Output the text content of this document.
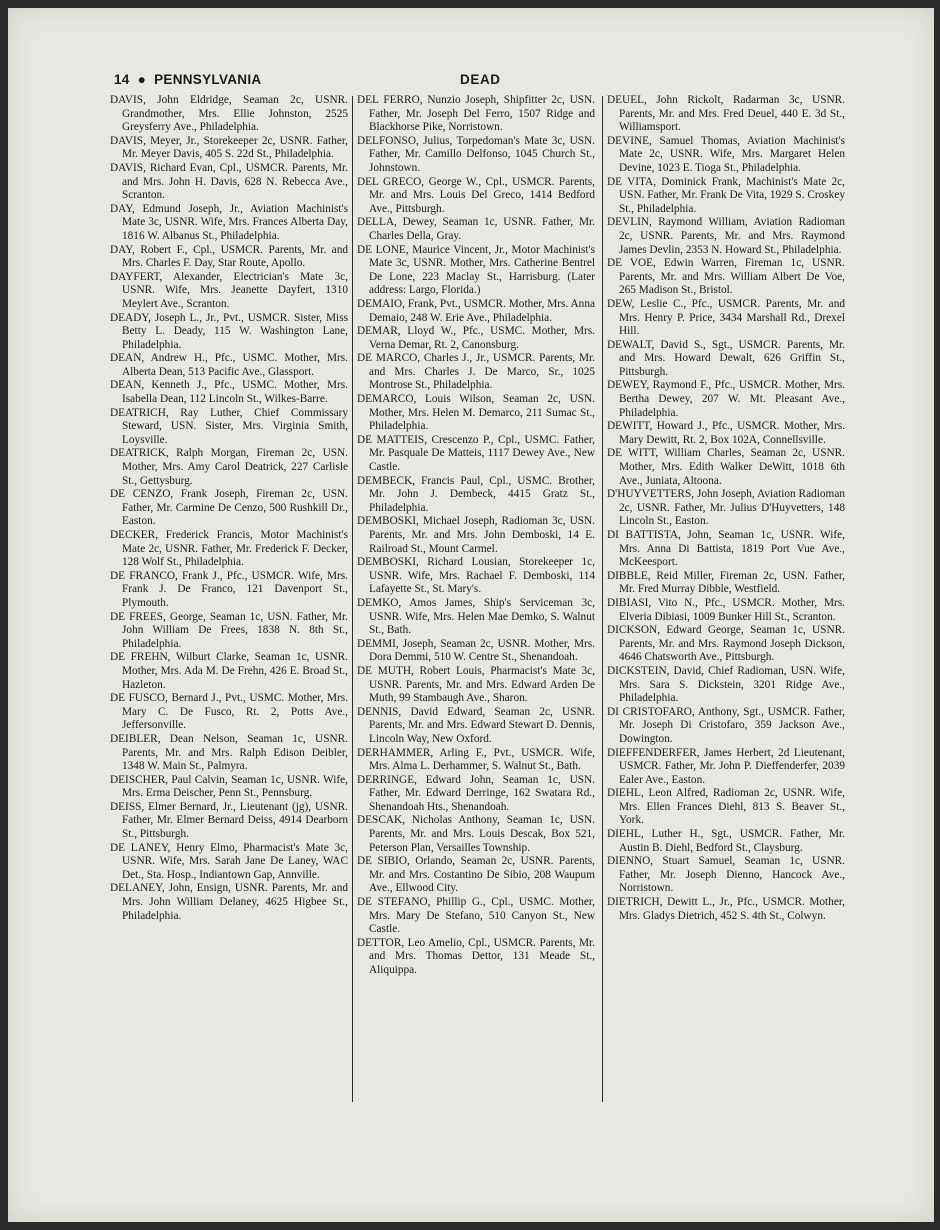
14 ● PENNSYLVANIA	DEAD

DAVIS, John Eldridge, Seaman 2c, USNR. Grandmother, Mrs. Ellie Johnston, 2525 Greysferry Ave., Philadelphia.

DAVIS, Meyer, Jr., Storekeeper 2c, USNR. Father, Mr. Meyer Davis, 405 S. 22d St., Philadelphia.

DAVIS, Richard Evan, Cpl., USMCR. Parents, Mr. and Mrs. John H. Davis, 628 N. Rebecca Ave., Scranton.

DAY, Edmund Joseph, Jr., Aviation Machinist's Mate 3c, USNR. Wife, Mrs. Frances Alberta Day, 1816 W. Albanus St., Philadelphia.

DAY, Robert F., Cpl., USMCR. Parents, Mr. and Mrs. Charles F. Day, Star Route, Apollo.

DAYFERT, Alexander, Electrician's Mate 3c, USNR. Wife, Mrs. Jeanette Dayfert, 1310 Meylert Ave., Scranton.

DEADY, Joseph L., Jr., Pvt., USMCR. Sister, Miss Betty L. Deady, 115 W. Washington Lane, Philadelphia.

DEAN, Andrew H., Pfc., USMC. Mother, Mrs. Alberta Dean, 513 Pacific Ave., Glassport.

DEAN, Kenneth J., Pfc., USMC. Mother, Mrs. Isabella Dean, 112 Lincoln St., Wilkes-Barre.

DEATRICH, Ray Luther, Chief Commissary Steward, USN. Sister, Mrs. Virginia Smith, Loysville.

DEATRICK, Ralph Morgan, Fireman 2c, USN. Mother, Mrs. Amy Carol Deatrick, 227 Carlisle St., Gettysburg.

DE CENZO, Frank Joseph, Fireman 2c, USN. Father, Mr. Carmine De Cenzo, 500 Rushkill Dr., Easton.

DECKER, Frederick Francis, Motor Machinist's Mate 2c, USNR. Father, Mr. Frederick F. Decker, 128 Wolf St., Philadelphia.

DE FRANCO, Frank J., Pfc., USMCR. Wife, Mrs. Frank J. De Franco, 121 Davenport St., Plymouth.

DE FREES, George, Seaman 1c, USN. Father, Mr. John William De Frees, 1838 N. 8th St., Philadelphia.

DE FREHN, Wilburt Clarke, Seaman 1c, USNR. Mother, Mrs. Ada M. De Frehn, 426 E. Broad St., Hazleton.

DE FUSCO, Bernard J., Pvt., USMC. Mother, Mrs. Mary C. De Fusco, Rt. 2, Potts Ave., Jeffersonville.

DEIBLER, Dean Nelson, Seaman 1c, USNR. Parents, Mr. and Mrs. Ralph Edison Deibler, 1348 W. Main St., Palmyra.

DEISCHER, Paul Calvin, Seaman 1c, USNR. Wife, Mrs. Erma Deischer, Penn St., Pennsburg.

DEISS, Elmer Bernard, Jr., Lieutenant (jg), USNR. Father, Mr. Elmer Bernard Deiss, 4914 Dearborn St., Pittsburgh.

DE LANEY, Henry Elmo, Pharmacist's Mate 3c, USNR. Wife, Mrs. Sarah Jane De Laney, WAC Det., Sta. Hosp., Indiantown Gap, Annville.

DELANEY, John, Ensign, USNR. Parents, Mr. and Mrs. John William Delaney, 4625 Higbee St., Philadelphia.

DEL FERRO, Nunzio Joseph, Shipfitter 2c, USN. Father, Mr. Joseph Del Ferro, 1507 Ridge and Blackhorse Pike, Norristown.

DELFONSO, Julius, Torpedoman's Mate 3c, USN. Father, Mr. Camillo Delfonso, 1045 Church St., Johnstown.

DEL GRECO, George W., Cpl., USMCR. Parents, Mr. and Mrs. Louis Del Greco, 1414 Bedford Ave., Pittsburgh.

DELLA, Dewey, Seaman 1c, USNR. Father, Mr. Charles Della, Gray.

DE LONE, Maurice Vincent, Jr., Motor Machinist's Mate 3c, USNR. Mother, Mrs. Catherine Bentrel De Lone, 223 Maclay St., Harrisburg. (Later address: Largo, Florida.)

DEMAIO, Frank, Pvt., USMCR. Mother, Mrs. Anna Demaio, 248 W. Erie Ave., Philadelphia.

DEMAR, Lloyd W., Pfc., USMC. Mother, Mrs. Verna Demar, Rt. 2, Canonsburg.

DE MARCO, Charles J., Jr., USMCR. Parents, Mr. and Mrs. Charles J. De Marco, Sr., 1025 Montrose St., Philadelphia.

DEMARCO, Louis Wilson, Seaman 2c, USN. Mother, Mrs. Helen M. Demarco, 211 Sumac St., Philadelphia.

DE MATTEIS, Crescenzo P., Cpl., USMC. Father, Mr. Pasquale De Matteis, 1117 Dewey Ave., New Castle.

DEMBECK, Francis Paul, Cpl., USMC. Brother, Mr. John J. Dembeck, 4415 Gratz St., Philadelphia.

DEMBOSKI, Michael Joseph, Radioman 3c, USN. Parents, Mr. and Mrs. John Demboski, 14 E. Railroad St., Mount Carmel.

DEMBOSKI, Richard Lousian, Storekeeper 1c, USNR. Wife, Mrs. Rachael F. Demboski, 114 Lafayette St., St. Mary's.

DEMKO, Amos James, Ship's Serviceman 3c, USNR. Wife, Mrs. Helen Mae Demko, S. Walnut St., Bath.

DEMMI, Joseph, Seaman 2c, USNR. Mother, Mrs. Dora Demmi, 510 W. Centre St., Shenandoah.

DE MUTH, Robert Louis, Pharmacist's Mate 3c, USNR. Parents, Mr. and Mrs. Edward Arden De Muth, 99 Stambaugh Ave., Sharon.

DENNIS, David Edward, Seaman 2c, USNR. Parents, Mr. and Mrs. Edward Stewart D. Dennis, Lincoln Way, New Oxford.

DERHAMMER, Arling F., Pvt., USMCR. Wife, Mrs. Alma L. Derhammer, S. Walnut St., Bath.

DERRINGE, Edward John, Seaman 1c, USN. Father, Mr. Edward Derringe, 162 Swatara Rd., Shenandoah Hts., Shenandoah.

DESCAK, Nicholas Anthony, Seaman 1c, USN. Parents, Mr. and Mrs. Louis Descak, Box 521, Peterson Plan, Versailles Township.

DE SIBIO, Orlando, Seaman 2c, USNR. Parents, Mr. and Mrs. Costantino De Sibio, 208 Waupum Ave., Ellwood City.

DE STEFANO, Phillip G., Cpl., USMC. Mother, Mrs. Mary De Stefano, 510 Canyon St., New Castle.

DETTOR, Leo Amelio, Cpl., USMCR. Parents, Mr. and Mrs. Thomas Dettor, 131 Meade St., Aliquippa.

DEUEL, John Rickolt, Radarman 3c, USNR. Parents, Mr. and Mrs. Fred Deuel, 440 E. 3d St., Williamsport.

DEVINE, Samuel Thomas, Aviation Machinist's Mate 2c, USNR. Wife, Mrs. Margaret Helen Devine, 1023 E. Tioga St., Philadelphia.

DE VITA, Dominick Frank, Machinist's Mate 2c, USN. Father, Mr. Frank De Vita, 1929 S. Croskey St., Philadelphia.

DEVLIN, Raymond William, Aviation Radioman 2c, USNR. Parents, Mr. and Mrs. Raymond James Devlin, 2353 N. Howard St., Philadelphia.

DE VOE, Edwin Warren, Fireman 1c, USNR. Parents, Mr. and Mrs. William Albert De Voe, 265 Madison St., Bristol.

DEW, Leslie C., Pfc., USMCR. Parents, Mr. and Mrs. Henry P. Price, 3434 Marshall Rd., Drexel Hill.

DEWALT, David S., Sgt., USMCR. Parents, Mr. and Mrs. Howard Dewalt, 626 Griffin St., Pittsburgh.

DEWEY, Raymond F., Pfc., USMCR. Mother, Mrs. Bertha Dewey, 207 W. Mt. Pleasant Ave., Philadelphia.

DEWITT, Howard J., Pfc., USMCR. Mother, Mrs. Mary Dewitt, Rt. 2, Box 102A, Connellsville.

DE WITT, William Charles, Seaman 2c, USNR. Mother, Mrs. Edith Walker DeWitt, 1018 6th Ave., Juniata, Altoona.

D'HUYVETTERS, John Joseph, Aviation Radioman 2c, USNR. Father, Mr. Julius D'Huyvetters, 148 Lincoln St., Easton.

DI BATTISTA, John, Seaman 1c, USNR. Wife, Mrs. Anna Di Battista, 1819 Port Vue Ave., McKeesport.

DIBBLE, Reid Miller, Fireman 2c, USN. Father, Mr. Fred Murray Dibble, Westfield.

DIBIASI, Vito N., Pfc., USMCR. Mother, Mrs. Elveria Dibiasi, 1009 Bunker Hill St., Scranton.

DICKSON, Edward George, Seaman 1c, USNR. Parents, Mr. and Mrs. Raymond Joseph Dickson, 4646 Chatsworth Ave., Pittsburgh.

DICKSTEIN, David, Chief Radioman, USN. Wife, Mrs. Sara S. Dickstein, 3201 Ridge Ave., Philadelphia.

DI CRISTOFARO, Anthony, Sgt., USMCR. Father, Mr. Joseph Di Cristofaro, 359 Jackson Ave., Dowington.

DIEFFENDERFER, James Herbert, 2d Lieutenant, USMCR. Father, Mr. John P. Dieffenderfer, 2039 Ealer Ave., Easton.

DIEHL, Leon Alfred, Radioman 2c, USNR. Wife, Mrs. Ellen Frances Diehl, 813 S. Beaver St., York.

DIEHL, Luther H., Sgt., USMCR. Father, Mr. Austin B. Diehl, Bedford St., Claysburg.

DIENNO, Stuart Samuel, Seaman 1c, USNR. Father, Mr. Joseph Dienno, Hancock Ave., Norristown.

DIETRICH, Dewitt L., Jr., Pfc., USMCR. Mother, Mrs. Gladys Dietrich, 452 S. 4th St., Colwyn.
